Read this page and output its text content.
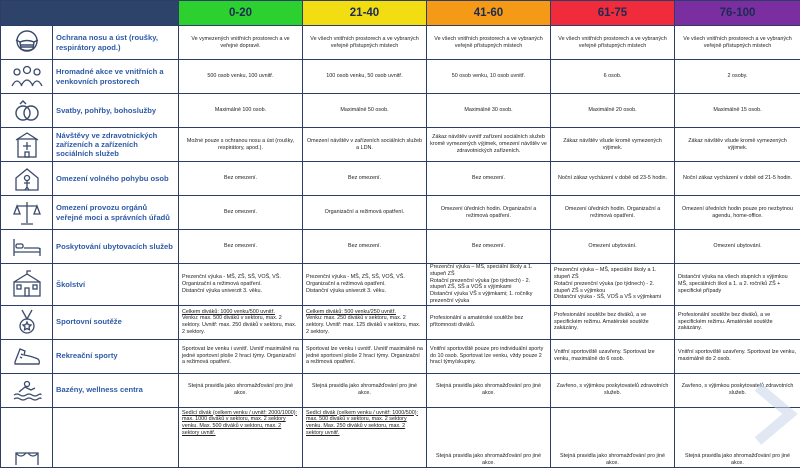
		0-20	21-40	41-60	61-75	76-100

	Ochrana nosu a úst (roušky, respirátory apod.)	Ve vymezených vnitřních prostorech a ve veřejné dopravě.	Ve všech vnitřních prostorech a ve vybraných veřejně přístupných místech	Ve všech vnitřních prostorech a ve vybraných veřejně přístupných místech	Ve všech vnitřních prostorech a ve vybraných veřejně přístupných místech	Ve všech vnitřních prostorech a ve vybraných veřejně přístupných místech

	Hromadné akce ve vnitřních a venkovních prostorech	500 osob venku, 100 uvnitř.	100 osob venku, 50 osob uvnitř.	50 osob venku, 10 osob uvnitř.	6 osob.	2 osoby.

	Svatby, pohřby, bohoslužby	Maximálně 100 osob.	Maximálně 50 osob.	Maximálně 30 osob.	Maximálně 20 osob.	Maximálně 15 osob.

	Návštěvy ve zdravotnických zařízeních a zařízeních sociálních služeb	Možné pouze s ochranou nosu a úst (roušky, respirátory, apod.).	Omezení návštěv v zařízeních sociálních služeb a LDN.	Zákaz návštěv uvnitř zařízení sociálních služeb kromě vymezených výjimek, omezení návštěv ve zdravotnických zařízeních.	Zákaz návštěv všude kromě vymezených výjimek.	Zákaz návštěv všude kromě vymezených výjimek.

	Omezení volného pohybu osob	Bez omezení.	Bez omezení.	Bez omezení.	Noční zákaz vycházení v době od 23-5 hodin.	Noční zákaz vycházení v době od 21-5 hodin.

	Omezení provozu orgánů veřejné moci a správních úřadů	Bez omezení.	Organizační a režimová opatření.	Omezení úředních hodin. Organizační a režimová opatření.	Omezení úředních hodin. Organizační a režimová opatření.	Omezení úředních hodin pouze pro nezbytnou agendu, home-office.

	Poskytování ubytovacích služeb	Bez omezení.	Bez omezení.	Bez omezení.	Omezení ubytování.	Omezení ubytování.

	Školství	Prezenční výuka - MŠ, ZŠ, SŠ, VOŠ, VŠ.
Organizační a režimová opatření.
Distanční výuka univerzit 3. věku.	Prezenční výuka - MŠ, ZŠ, SŠ, VOŠ, VŠ.
Organizační a režimová opatření.
Distanční výuka univerzit 3. věku.	Prezenční výuka – MŠ, speciální školy a 1. stupeň ZŠ
Rotační prezenční výuka (po týdnech) - 2. stupeň ZŠ, SŠ a VOŠ s výjimkami
Distanční výuka VŠ s výjimkami; 1. ročníky prezenční výuka	Prezenční výuka – MŠ, speciální školy a 1. stupeň ZŠ
Rotační prezenční výuka (po týdnech) - 2. stupeň ZŠ s výjimkou
Distanční výuka - SŠ, VOŠ a VŠ s výjimkami	Distanční výuka na všech stupních s výjimkou MŠ, speciálních škol a 1. a 2. ročníků ZŠ + specifické případy

	Sportovní soutěže	Celkem diváků: 1000 venku/500 uvnitř.
Venku: max. 500 diváků v sektoru, max. 2 sektory. Uvnitř: max. 250 diváků v sektoru, max. 2 sektory.	Celkem diváků: 500 venku/250 uvnitř.
Venku: max. 250 diváků v sektoru, max. 2 sektory. Uvnitř: max. 125 diváků v sektoru, max. 2 sektory.	Profesionální a amatérské soutěže bez přítomnosti diváků.	Profesionální soutěže bez diváků, a ve specifickém režimu. Amatérské soutěže zakázány.	Profesionální soutěže bez diváků, a ve specifickém režimu. Amatérské soutěže zakázány.

	Rekreační sporty	Sportovat lze venku i uvnitř. Uvnitř maximálně na jedné sportovní ploše 2 hrací týmy. Organizační a režimová opatření.	Sportovat lze venku i uvnitř. Uvnitř maximálně na jedné sportovní ploše 2 hrací týmy. Organizační a režimová opatření.	Vnitřní sportoviště pouze pro individuální sporty do 10 osob. Sportovat lze venku, vždy pouze 2 hrací týmy/skupiny.	Vnitřní sportoviště uzavřeny. Sportovat lze venku, maximálně do 6 osob.	Vnitřní sportoviště uzavřeny. Sportovat lze venku, maximálně do 2 osob.

	Bazény, wellness centra	Stejná pravidla jako shromažďování pro jiné akce.	Stejná pravidla jako shromažďování pro jiné akce.	Stejná pravidla jako shromažďování pro jiné akce.	Zavřeno, s výjimkou poskytovatelů zdravotních služeb.	Zavřeno, s výjimkou poskytovatelů zdravotních služeb.

Sedící divák (celkem venku / uvnitř: 2000/1000): max. 1000 diváků v sektoru, max. 2 sektory venku. Max. 500 diváků v sektoru, max. 2 sektory uvnitř.	Sedící divák (celkem venku / uvnitř: 1000/500): max. 500 diváků v sektoru, max. 2 sektory venku. Max. 250 diváků v sektoru, max. 2 sektory uvnitř.	Stejná pravidla jako shromažďování pro jiné akce.	Stejná pravidla jako shromažďování pro jiné akce.	Stejná pravidla jako shromažďování pro jiné akce.
